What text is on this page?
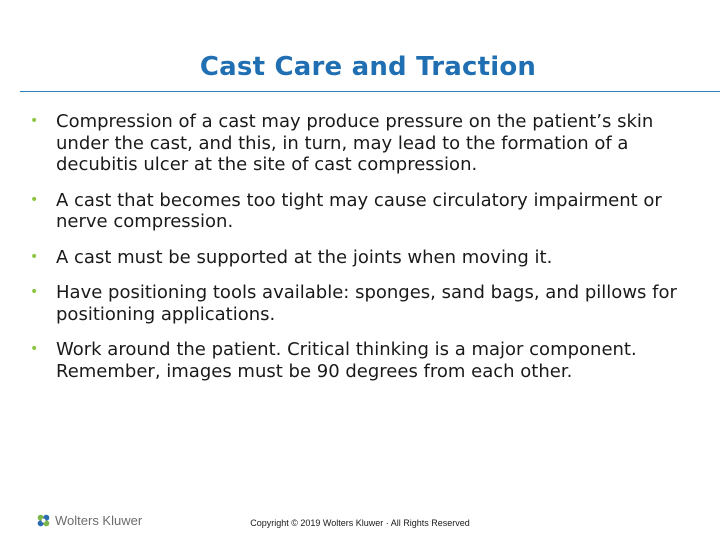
Cast Care and Traction
• Compression of a cast may produce pressure on the patient’s skin under the cast, and this, in turn, may lead to the formation of a decubitis ulcer at the site of cast compression.
• A cast that becomes too tight may cause circulatory impairment or nerve compression.
• A cast must be supported at the joints when moving it.
• Have positioning tools available: sponges, sand bags, and pillows for positioning applications.
• Work around the patient. Critical thinking is a major component. Remember, images must be 90 degrees from each other.
Wolters Kluwer	Copyright © 2019 Wolters Kluwer · All Rights Reserved
